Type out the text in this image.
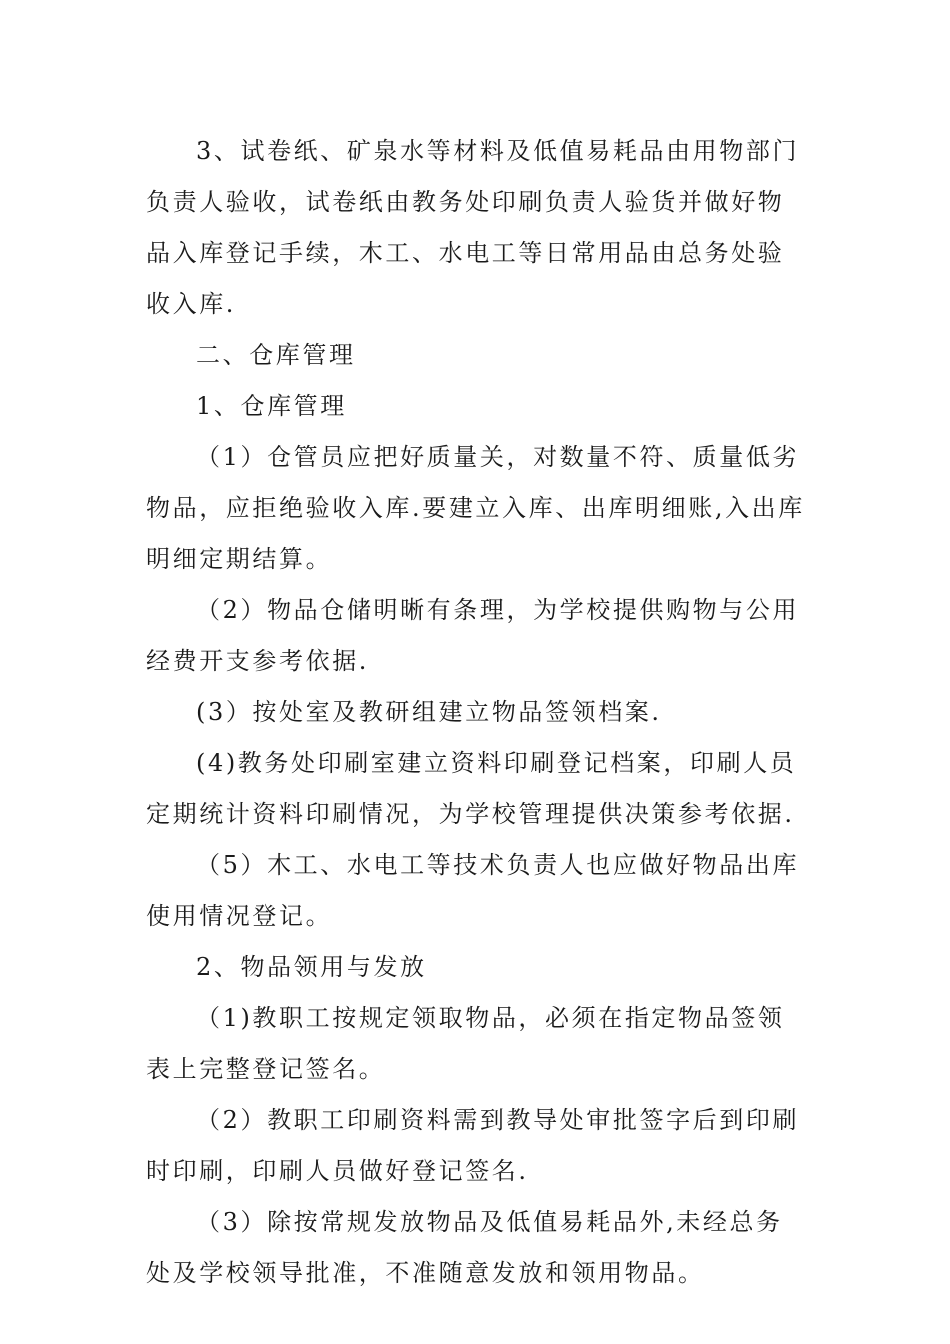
3、试卷纸、矿泉水等材料及低值易耗品由用物部门负责人验收，试卷纸由教务处印刷负责人验货并做好物品入库登记手续，木工、水电工等日常用品由总务处验收入库.

二、仓库管理

1、仓库管理

（1）仓管员应把好质量关，对数量不符、质量低劣物品，应拒绝验收入库.要建立入库、出库明细账,入出库明细定期结算。

（2）物品仓储明晰有条理，为学校提供购物与公用经费开支参考依据.

(3）按处室及教研组建立物品签领档案.

(4)教务处印刷室建立资料印刷登记档案，印刷人员定期统计资料印刷情况，为学校管理提供决策参考依据.

（5）木工、水电工等技术负责人也应做好物品出库使用情况登记。

2、物品领用与发放

（1)教职工按规定领取物品，必须在指定物品签领表上完整登记签名。

（2）教职工印刷资料需到教导处审批签字后到印刷时印刷，印刷人员做好登记签名.

（3）除按常规发放物品及低值易耗品外,未经总务处及学校领导批准，不准随意发放和领用物品。
